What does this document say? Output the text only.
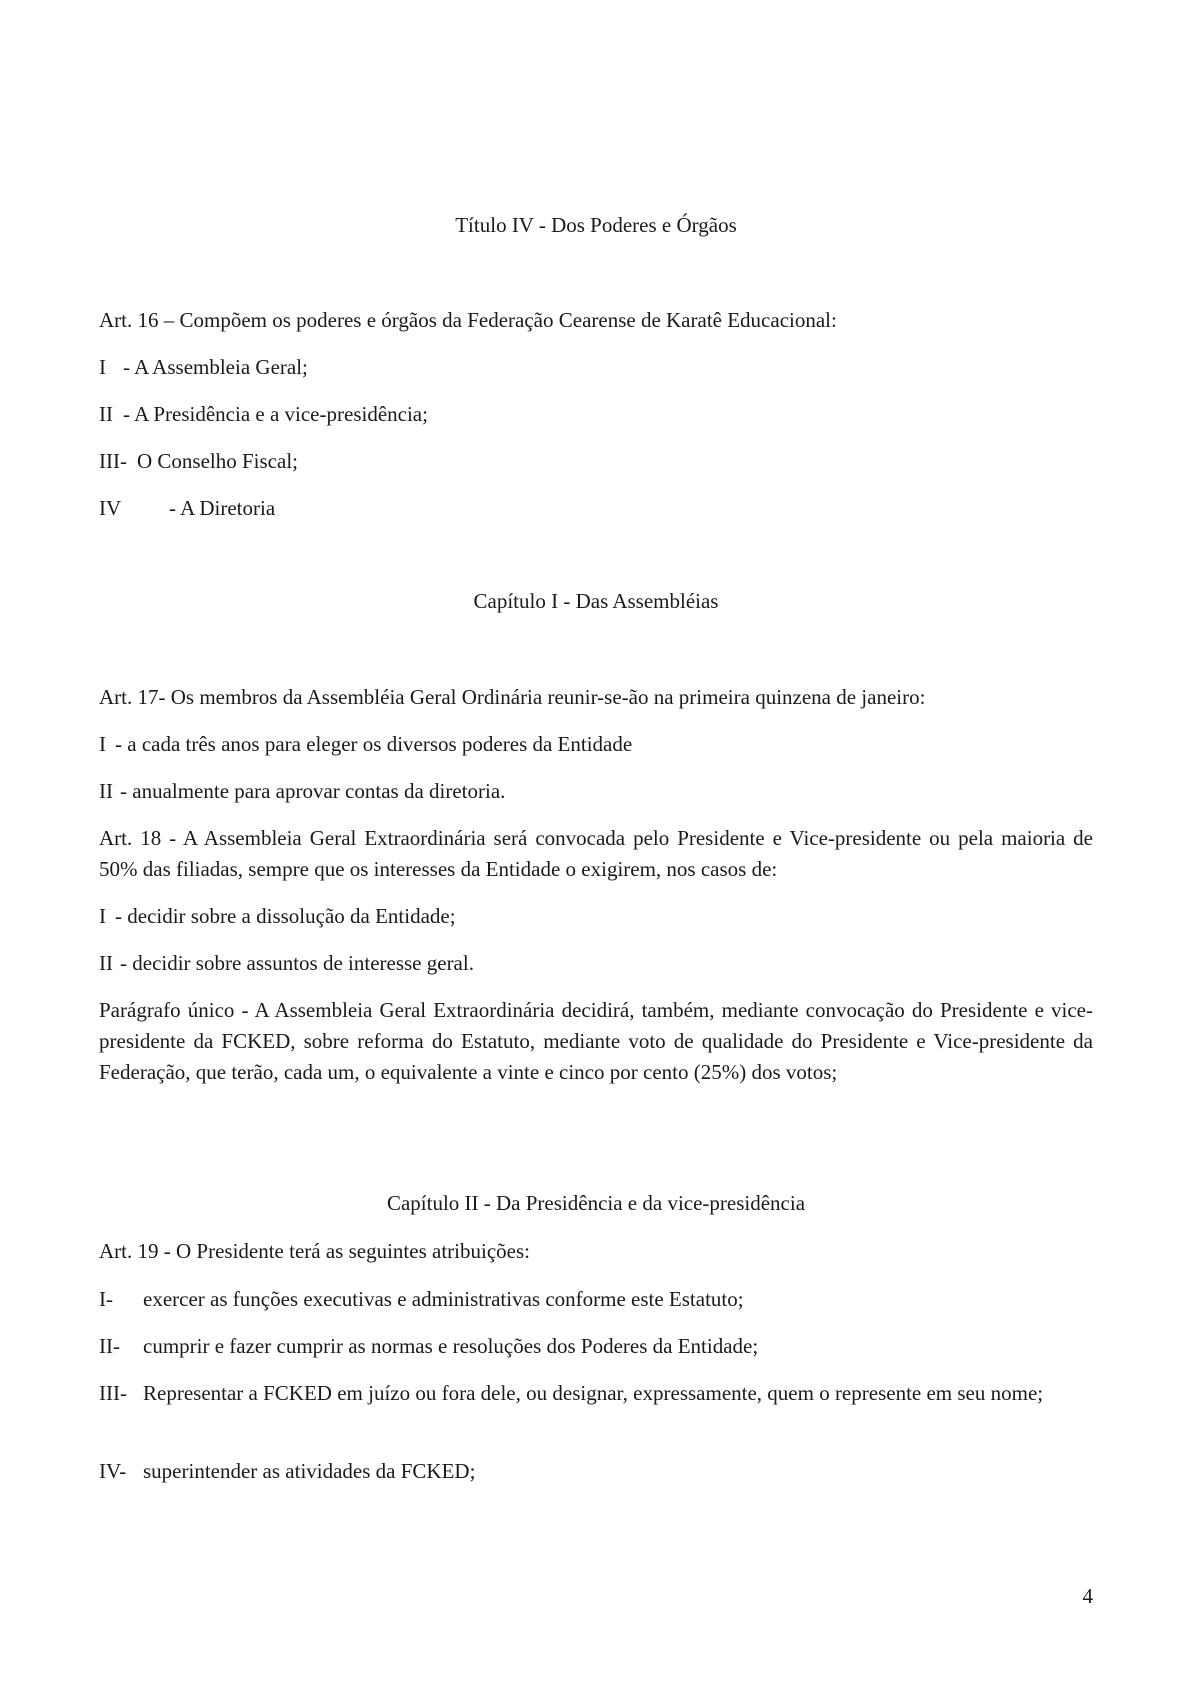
Título IV - Dos Poderes e Órgãos

Art. 16 – Compõem os poderes e órgãos da Federação Cearense de Karatê Educacional:

I - A Assembleia Geral;
II - A Presidência e a vice-presidência;
III- O Conselho Fiscal;
IV - A Diretoria

Capítulo I - Das Assembléias

Art. 17- Os membros da Assembléia Geral Ordinária reunir-se-ão na primeira quinzena de janeiro:

I - a cada três anos para eleger os diversos poderes da Entidade
II - anualmente para aprovar contas da diretoria.

Art. 18 - A Assembleia Geral Extraordinária será convocada pelo Presidente e Vice-presidente ou pela maioria de 50% das filiadas, sempre que os interesses da Entidade o exigirem, nos casos de:

I - decidir sobre a dissolução da Entidade;
II - decidir sobre assuntos de interesse geral.

Parágrafo único - A Assembleia Geral Extraordinária decidirá, também, mediante convocação do Presidente e vice-presidente da FCKED, sobre reforma do Estatuto, mediante voto de qualidade do Presidente e Vice-presidente da Federação, que terão, cada um, o equivalente a vinte e cinco por cento (25%) dos votos;

Capítulo II - Da Presidência e da vice-presidência

Art. 19 - O Presidente terá as seguintes atribuições:

I-	exercer as funções executivas e administrativas conforme este Estatuto;
II-	cumprir e fazer cumprir as normas e resoluções dos Poderes da Entidade;
III- Representar a FCKED em juízo ou fora dele, ou designar, expressamente, quem o represente em seu nome;
IV- superintender as atividades da FCKED;
4
